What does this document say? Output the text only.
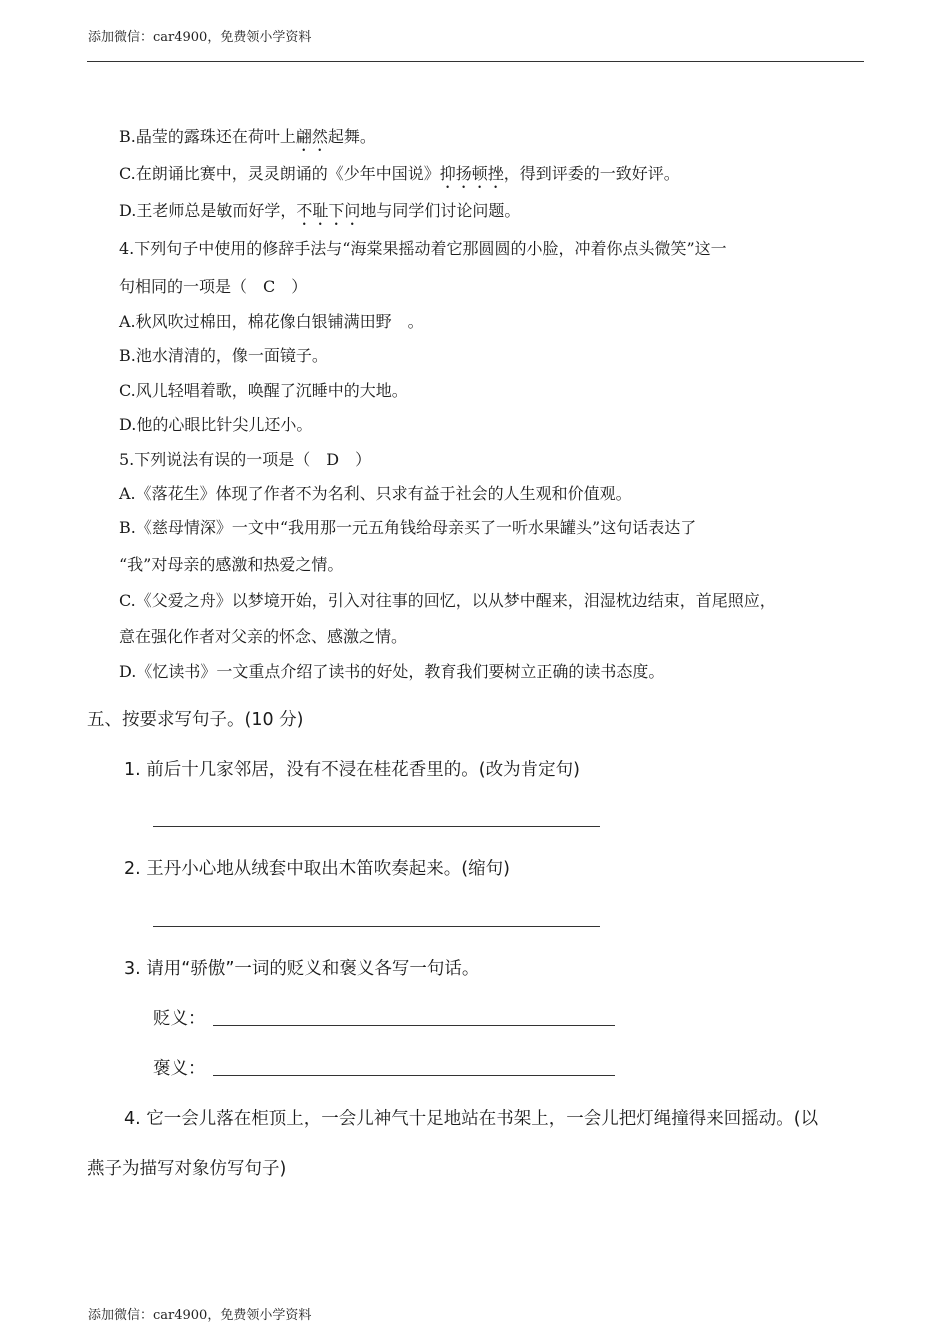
添加微信：car4900，免费领小学资料
B.晶莹的露珠还在荷叶上翩然起舞。
C.在朗诵比赛中，灵灵朗诵的《少年中国说》抑扬顿挫，得到评委的一致好评。
D.王老师总是敏而好学，不耻下问地与同学们讨论问题。
4.下列句子中使用的修辞手法与“海棠果摇动着它那圆圆的小脸，冲着你点头微笑”这一
句相同的一项是（　C　）
A.秋风吹过棉田，棉花像白银铺满田野　。
B.池水清清的，像一面镜子。
C.风儿轻唱着歌，唤醒了沉睡中的大地。
D.他的心眼比针尖儿还小。
5.下列说法有误的一项是（　D　）
A.《落花生》体现了作者不为名利、只求有益于社会的人生观和价值观。
B.《慈母情深》一文中“我用那一元五角钱给母亲买了一听水果罐头”这句话表达了
“我”对母亲的感激和热爱之情。
C.《父爱之舟》以梦境开始，引入对往事的回忆，以从梦中醒来，泪湿枕边结束，首尾照应，
意在强化作者对父亲的怀念、感激之情。
D.《忆读书》一文重点介绍了读书的好处，教育我们要树立正确的读书态度。
五、按要求写句子。(10 分)
1. 前后十几家邻居，没有不浸在桂花香里的。(改为肯定句)
2. 王丹小心地从绒套中取出木笛吹奏起来。(缩句)
3. 请用“骄傲”一词的贬义和褒义各写一句话。
贬义：
褒义：
4. 它一会儿落在柜顶上，一会儿神气十足地站在书架上，一会儿把灯绳撞得来回摇动。(以
燕子为描写对象仿写句子)
添加微信：car4900，免费领小学资料
